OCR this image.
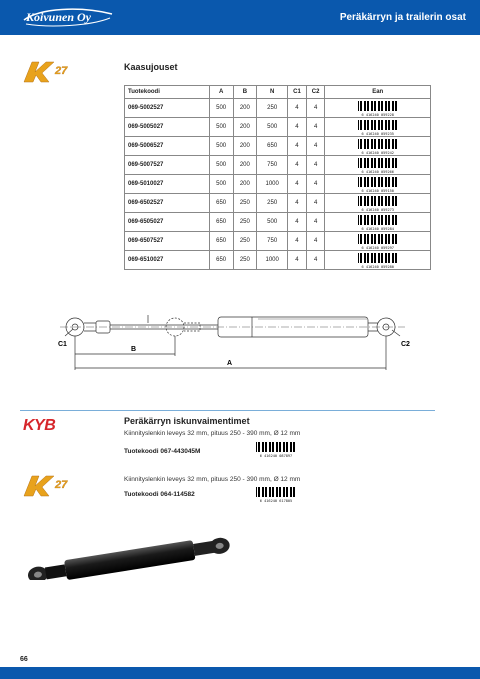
Koivunen Oy	Peräkärryn ja trailerin osat
27	Kaasujouset
Tuotekoodi	A	B	N	C1	C2	Ean
069-5002527	500	200	250	4	4	6 416240 059228

069-5005027	500	200	500	4	4	6 416240 059235

069-5006527	500	200	650	4	4	6 416240 059242

069-5007527	500	200	750	4	4	6 416240 059266

069-5010027	500	200	1000	4	4	6 416240 059150

069-6502527	650	250	250	4	4	6 416240 059273

069-6505027	650	250	500	4	4	6 416240 059284

069-6507527	650	250	750	4	4	6 416240 059297

069-6510027	650	250	1000	4	4	6 416240 059280
C1	C2
B
A
KYB	Peräkärryn iskunvaimentimet
Kiinnityslenkin leveys 32 mm, pituus 250 - 390 mm, Ø 12 mm
Tuotekoodi 067-443045M
6 416240 087897
27	Kiinnityslenkin leveys 32 mm, pituus 250 - 390 mm, Ø 12 mm
Tuotekoodi 064-114582
6 416240 617805
66
